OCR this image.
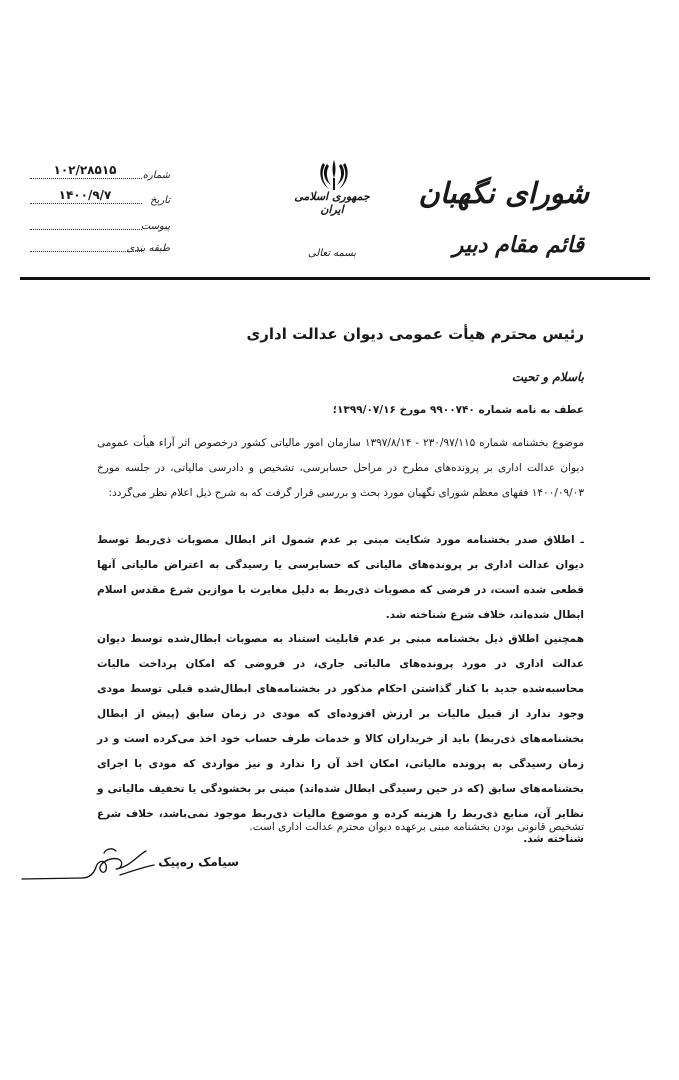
شورای نگهبان
قائم مقام دبیر
جمهوری اسلامی ایران
بسمه تعالی
۱۰۲/۲۸۵۱۵	شماره
۱۴۰۰/۹/۷	تاریخ
پیوست
طبقه بندی
رئیس محترم هیأت عمومی دیوان عدالت اداری
باسلام و تحیت
عطف به نامه شماره ۹۹۰۰۷۴۰ مورخ ۱۳۹۹/۰۷/۱۶؛
موضوع بخشنامه شماره ۲۳۰/۹۷/۱۱۵ - ۱۳۹۷/۸/۱۴ سازمان امور مالیاتی کشور درخصوص اثر آراء هیأت عمومی دیوان عدالت اداری بر پرونده‌های مطرح در مراحل حسابرسی، تشخیص و دادرسی مالیاتی، در جلسه مورخ ۱۴۰۰/۰۹/۰۳ فقهای معظم شورای نگهبان مورد بحث و بررسی قرار گرفت که به شرح ذیل اعلام نظر می‌گردد:
ـ اطلاق صدر بخشنامه مورد شکایت مبنی بر عدم شمول اثر ابطال مصوبات ذی‌ربط توسط دیوان عدالت اداری بر پرونده‌های مالیاتی که حسابرسی یا رسیدگی به اعتراض مالیاتی آنها قطعی شده است، در فرضی که مصوبات ذی‌ربط به دلیل مغایرت با موازین شرع مقدس اسلام ابطال شده‌اند، خلاف شرع شناخته شد.
همچنین اطلاق ذیل بخشنامه مبنی بر عدم قابلیت استناد به مصوبات ابطال‌شده توسط دیوان عدالت اداری در مورد پرونده‌های مالیاتی جاری، در فروضی که امکان پرداخت مالیات محاسبه‌شده جدید با کنار گذاشتن احکام مذکور در بخشنامه‌های ابطال‌شده قبلی توسط مودی وجود ندارد از قبیل مالیات بر ارزش افزوده‌ای که مودی در زمان سابق (پیش از ابطال بخشنامه‌های ذی‌ربط) باید از خریداران کالا و خدمات طرف حساب خود اخذ می‌کرده است و در زمان رسیدگی به پرونده مالیاتی، امکان اخذ آن را ندارد و نیز مواردی که مودی با اجرای بخشنامه‌های سابق (که در حین رسیدگی ابطال شده‌اند) مبنی بر بخشودگی یا تخفیف مالیاتی و نظایر آن، منابع ذی‌ربط را هزینه کرده و موضوع مالیات ذی‌ربط موجود نمی‌باشد، خلاف شرع شناخته شد.
تشخیص قانونی بودن بخشنامه مبنی برعهده دیوان محترم عدالت اداری است.
سیامک ره‌پیک
